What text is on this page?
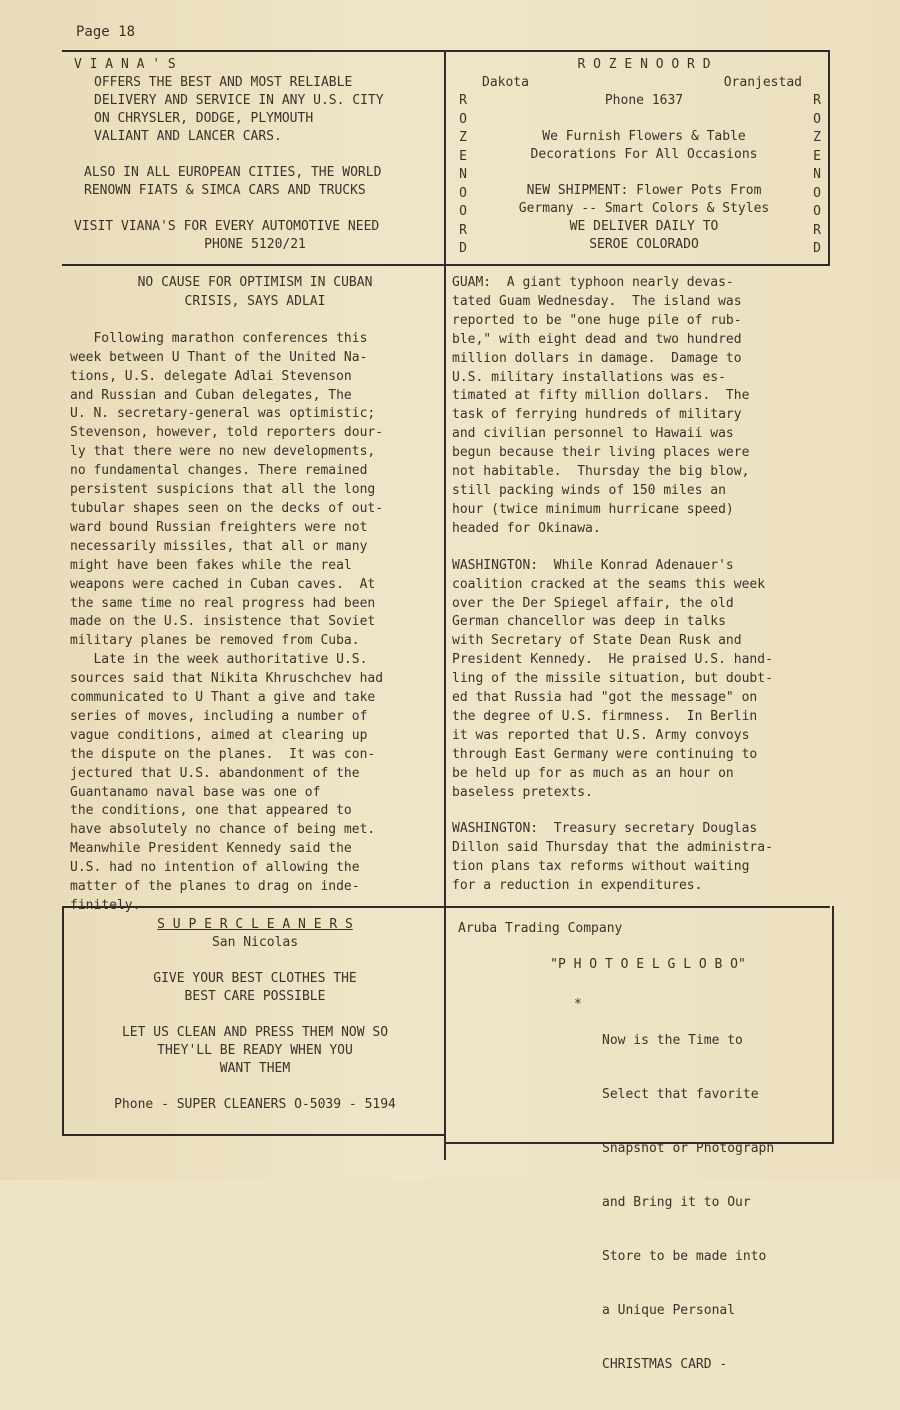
Page 18
V I A N A ' S
OFFERS THE BEST AND MOST RELIABLE
DELIVERY AND SERVICE IN ANY U.S. CITY
ON CHRYSLER, DODGE, PLYMOUTH
VALIANT AND LANCER CARS.
ALSO IN ALL EUROPEAN CITIES, THE WORLD
RENOWN FIATS & SIMCA CARS AND TRUCKS
VISIT VIANA'S FOR EVERY AUTOMOTIVE NEED
PHONE 5120/21
R
O
Z
E
N
O
O
R
D
R
O
Z
E
N
O
O
R
D
R O Z E N O O R D
Dakota	Oranjestad
Phone 1637
We Furnish Flowers & Table
Decorations For All Occasions
NEW SHIPMENT: Flower Pots From
Germany -- Smart Colors & Styles
WE DELIVER DAILY TO
SEROE COLORADO
NO CAUSE FOR OPTIMISM IN CUBAN
CRISIS, SAYS ADLAI

Following marathon conferences this

week between U Thant of the United Na-

tions, U.S. delegate Adlai Stevenson

and Russian and Cuban delegates, The

U. N. secretary-general was optimistic;

Stevenson, however, told reporters dour-

ly that there were no new developments,

no fundamental changes. There remained

persistent suspicions that all the long

tubular shapes seen on the decks of out-

ward bound Russian freighters were not

necessarily missiles, that all or many

might have been fakes while the real

weapons were cached in Cuban caves.  At

the same time no real progress had been

made on the U.S. insistence that Soviet

military planes be removed from Cuba.

Late in the week authoritative U.S.

sources said that Nikita Khruschchev had

communicated to U Thant a give and take

series of moves, including a number of

vague conditions, aimed at clearing up

the dispute on the planes.  It was con-

jectured that U.S. abandonment of the

Guantanamo naval base was one of

the conditions, one that appeared to

have absolutely no chance of being met.

Meanwhile President Kennedy said the

U.S. had no intention of allowing the

matter of the planes to drag on inde-

finitely.

GUAM:  A giant typhoon nearly devas-

tated Guam Wednesday.  The island was

reported to be "one huge pile of rub-

ble," with eight dead and two hundred

million dollars in damage.  Damage to

U.S. military installations was es-

timated at fifty million dollars.  The

task of ferrying hundreds of military

and civilian personnel to Hawaii was

begun because their living places were

not habitable.  Thursday the big blow,

still packing winds of 150 miles an

hour (twice minimum hurricane speed)

headed for Okinawa.

WASHINGTON:  While Konrad Adenauer's

coalition cracked at the seams this week

over the Der Spiegel affair, the old

German chancellor was deep in talks

with Secretary of State Dean Rusk and

President Kennedy.  He praised U.S. hand-

ling of the missile situation, but doubt-

ed that Russia had "got the message" on

the degree of U.S. firmness.  In Berlin

it was reported that U.S. Army convoys

through East Germany were continuing to

be held up for as much as an hour on

baseless pretexts.

WASHINGTON:  Treasury secretary Douglas

Dillon said Thursday that the administra-

tion plans tax reforms without waiting

for a reduction in expenditures.

S U P E R C L E A N E R S
San Nicolas
GIVE YOUR BEST CLOTHES THE
BEST CARE POSSIBLE
LET US CLEAN AND PRESS THEM NOW SO
THEY'LL BE READY WHEN YOU
WANT THEM
Phone - SUPER CLEANERS O-5039 - 5194
Aruba Trading Company
"P H O T O E L G L O B O"
*

Now is the Time to

Select that favorite

Snapshot or Photograph

and Bring it to Our

Store to be made into

a Unique Personal

CHRISTMAS CARD -
